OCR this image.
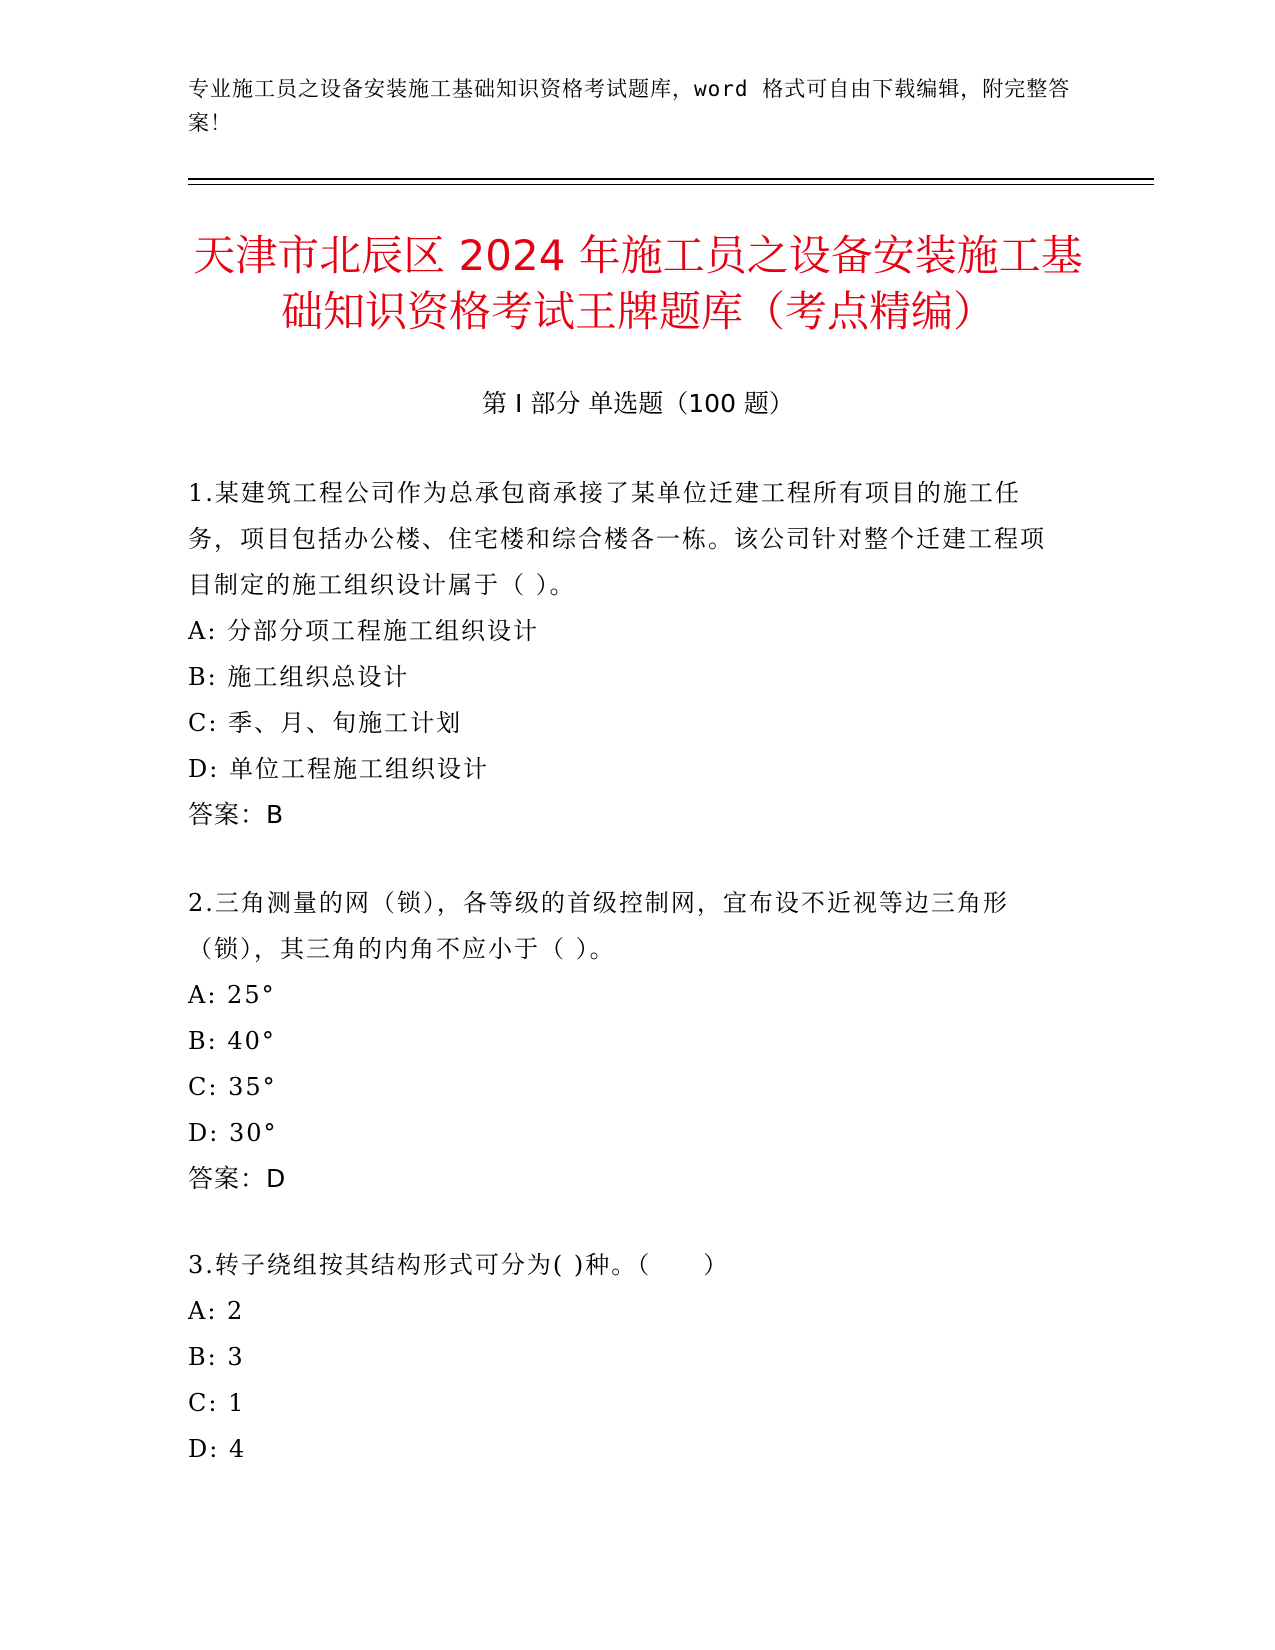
专业施工员之设备安装施工基础知识资格考试题库，word 格式可自由下载编辑，附完整答案！
天津市北辰区 2024 年施工员之设备安装施工基础知识资格考试王牌题库（考点精编）
第 I 部分 单选题（100 题）
1.某建筑工程公司作为总承包商承接了某单位迁建工程所有项目的施工任务，项目包括办公楼、住宅楼和综合楼各一栋。该公司针对整个迁建工程项目制定的施工组织设计属于（ ）。
A: 分部分项工程施工组织设计
B: 施工组织总设计
C: 季、月、旬施工计划
D: 单位工程施工组织设计
答案：B
2.三角测量的网（锁），各等级的首级控制网，宜布设不近视等边三角形（锁），其三角的内角不应小于（ ）。
A: 25°
B: 40°
C: 35°
D: 30°
答案：D
3.转子绕组按其结构形式可分为( )种。（　　）
A: 2
B: 3
C: 1
D: 4
